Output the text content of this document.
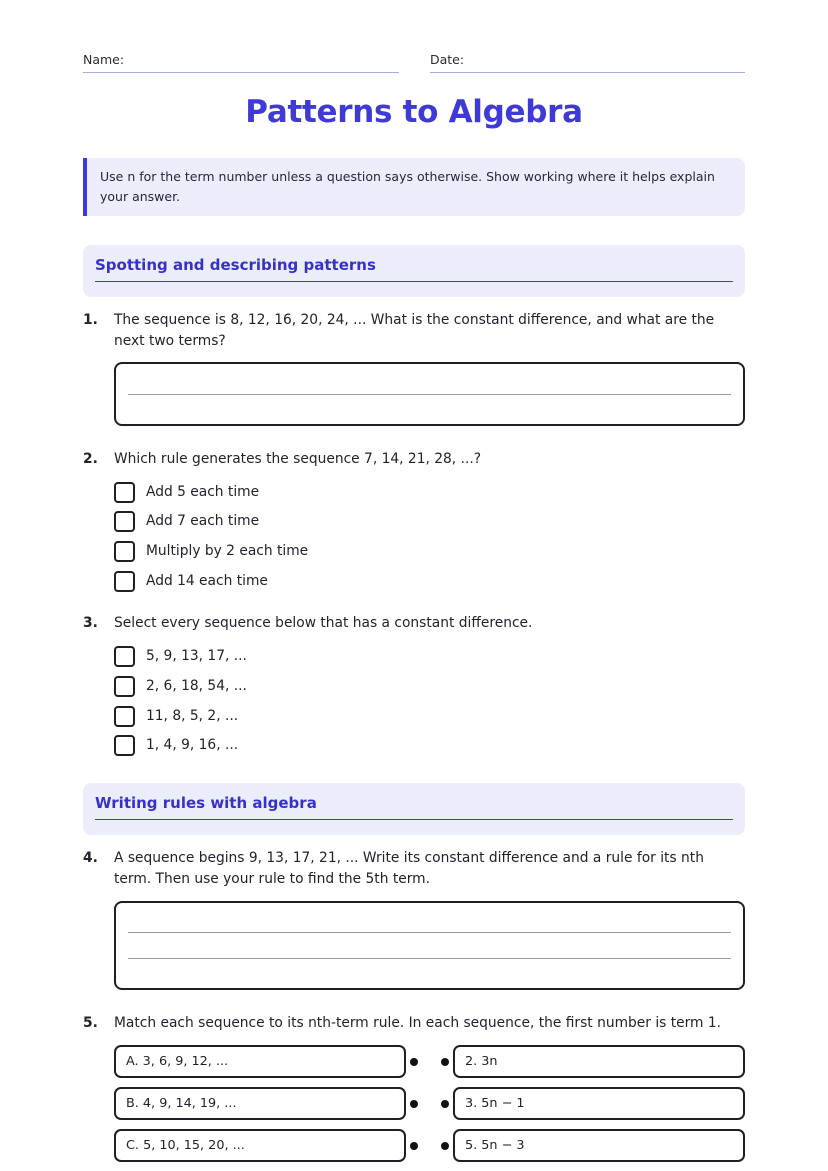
Name:	Date:
Patterns to Algebra
Use n for the term number unless a question says otherwise. Show working where it helps explain your answer.
Spotting and describing patterns
1. The sequence is 8, 12, 16, 20, 24, ... What is the constant difference, and what are the next two terms?
2. Which rule generates the sequence 7, 14, 21, 28, ...?
Add 5 each time
Add 7 each time
Multiply by 2 each time
Add 14 each time
3. Select every sequence below that has a constant difference.
5, 9, 13, 17, ...
2, 6, 18, 54, ...
11, 8, 5, 2, ...
1, 4, 9, 16, ...
Writing rules with algebra
4. A sequence begins 9, 13, 17, 21, ... Write its constant difference and a rule for its nth term. Then use your rule to find the 5th term.
5. Match each sequence to its nth-term rule. In each sequence, the first number is term 1.
A. 3, 6, 9, 12, ...	2. 3n
B. 4, 9, 14, 19, ...	3. 5n − 1
C. 5, 10, 15, 20, ...	5. 5n − 3
